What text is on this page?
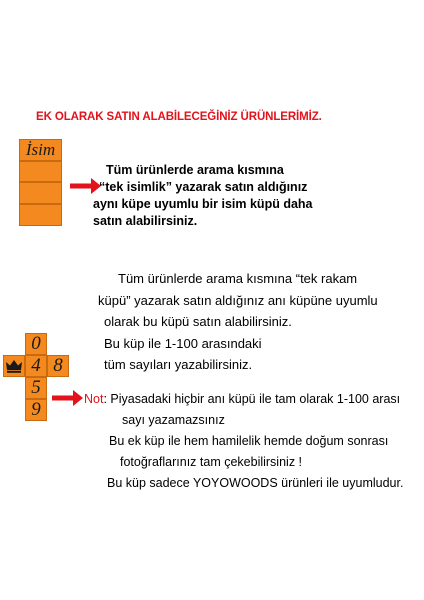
EK OLARAK SATIN ALABİLECEĞİNİZ ÜRÜNLERİMİZ.
İsim

Tüm ürünlerde arama kısmına

“tek isimlik” yazarak satın aldığınız

aynı küpe uyumlu bir isim küpü daha

satın alabilirsiniz.

0
4 8
5
9

Tüm ürünlerde arama kısmına “tek rakam

küpü” yazarak satın aldığınız anı küpüne uyumlu

olarak bu küpü satın alabilirsiniz.

Bu küp ile 1-100 arasındaki

tüm sayıları yazabilirsiniz.

Not: Piyasadaki hiçbir anı küpü ile tam olarak 1-100 arası

sayı yazamazsınız

Bu ek küp ile hem hamilelik hemde doğum sonrası

fotoğraflarınız tam çekebilirsiniz !

Bu küp sadece YOYOWOODS ürünleri ile uyumludur.
